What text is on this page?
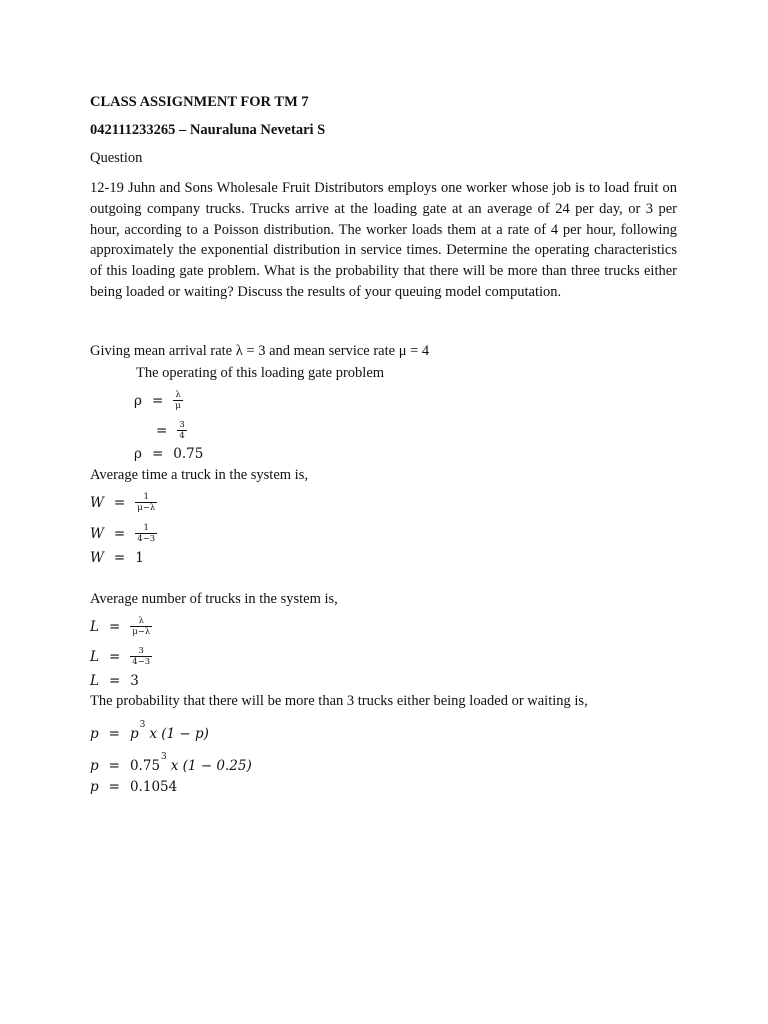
CLASS ASSIGNMENT FOR TM 7
042111233265 – Nauraluna Nevetari S
Question
12-19 Juhn and Sons Wholesale Fruit Distributors employs one worker whose job is to load fruit on outgoing company trucks. Trucks arrive at the loading gate at an average of 24 per day, or 3 per hour, according to a Poisson distribution. The worker loads them at a rate of 4 per hour, following approximately the exponential distribution in service times. Determine the operating characteristics of this loading gate problem. What is the probability that there will be more than three trucks either being loaded or waiting? Discuss the results of your queuing model computation.
Giving mean arrival rate λ = 3 and mean service rate μ = 4
The operating of this loading gate problem
$\rho = \frac{\lambda}{\mu}$
= $\frac{3}{4}$
ρ = 0.75
Average time a truck in the system is,
$W = \frac{1}{\mu-\lambda}$
$W = \frac{1}{4-3}$
W = 1
Average number of trucks in the system is,
$L = \frac{\lambda}{\mu-\lambda}$
$L = \frac{3}{4-3}$
L = 3
The probability that there will be more than 3 trucks either being loaded or waiting is,
p = p
3
x (1 − p)
p = 0.75
3
x (1 − 0.25)
p = 0.1054
